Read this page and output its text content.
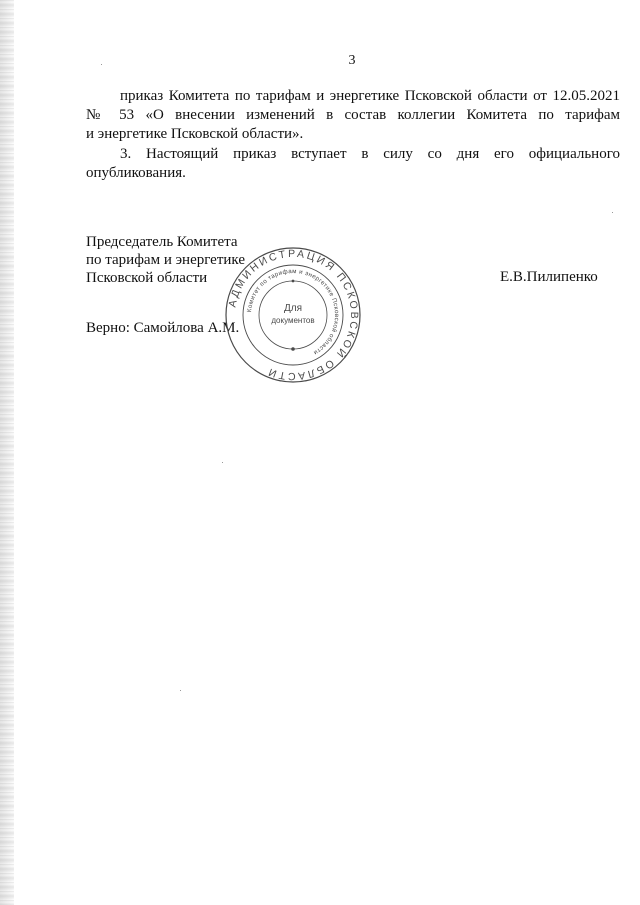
3

приказ Комитета по тарифам и энергетике Псковской области от 12.05.2021
№ 53 «О внесении изменений в состав коллегии Комитета по тарифам
и энергетике Псковской области».

3. Настоящий приказ вступает в силу со дня его официального
опубликования.

Председатель Комитета
по тарифам и энергетике
Псковской области	Е.В.Пилипенко
Верно: Самойлова А.М.
АДМИНИСТРАЦИЯ ПСКОВСКОЙ ОБЛАСТИ
Комитет по тарифам и энергетике Псковской области
Для
документов
